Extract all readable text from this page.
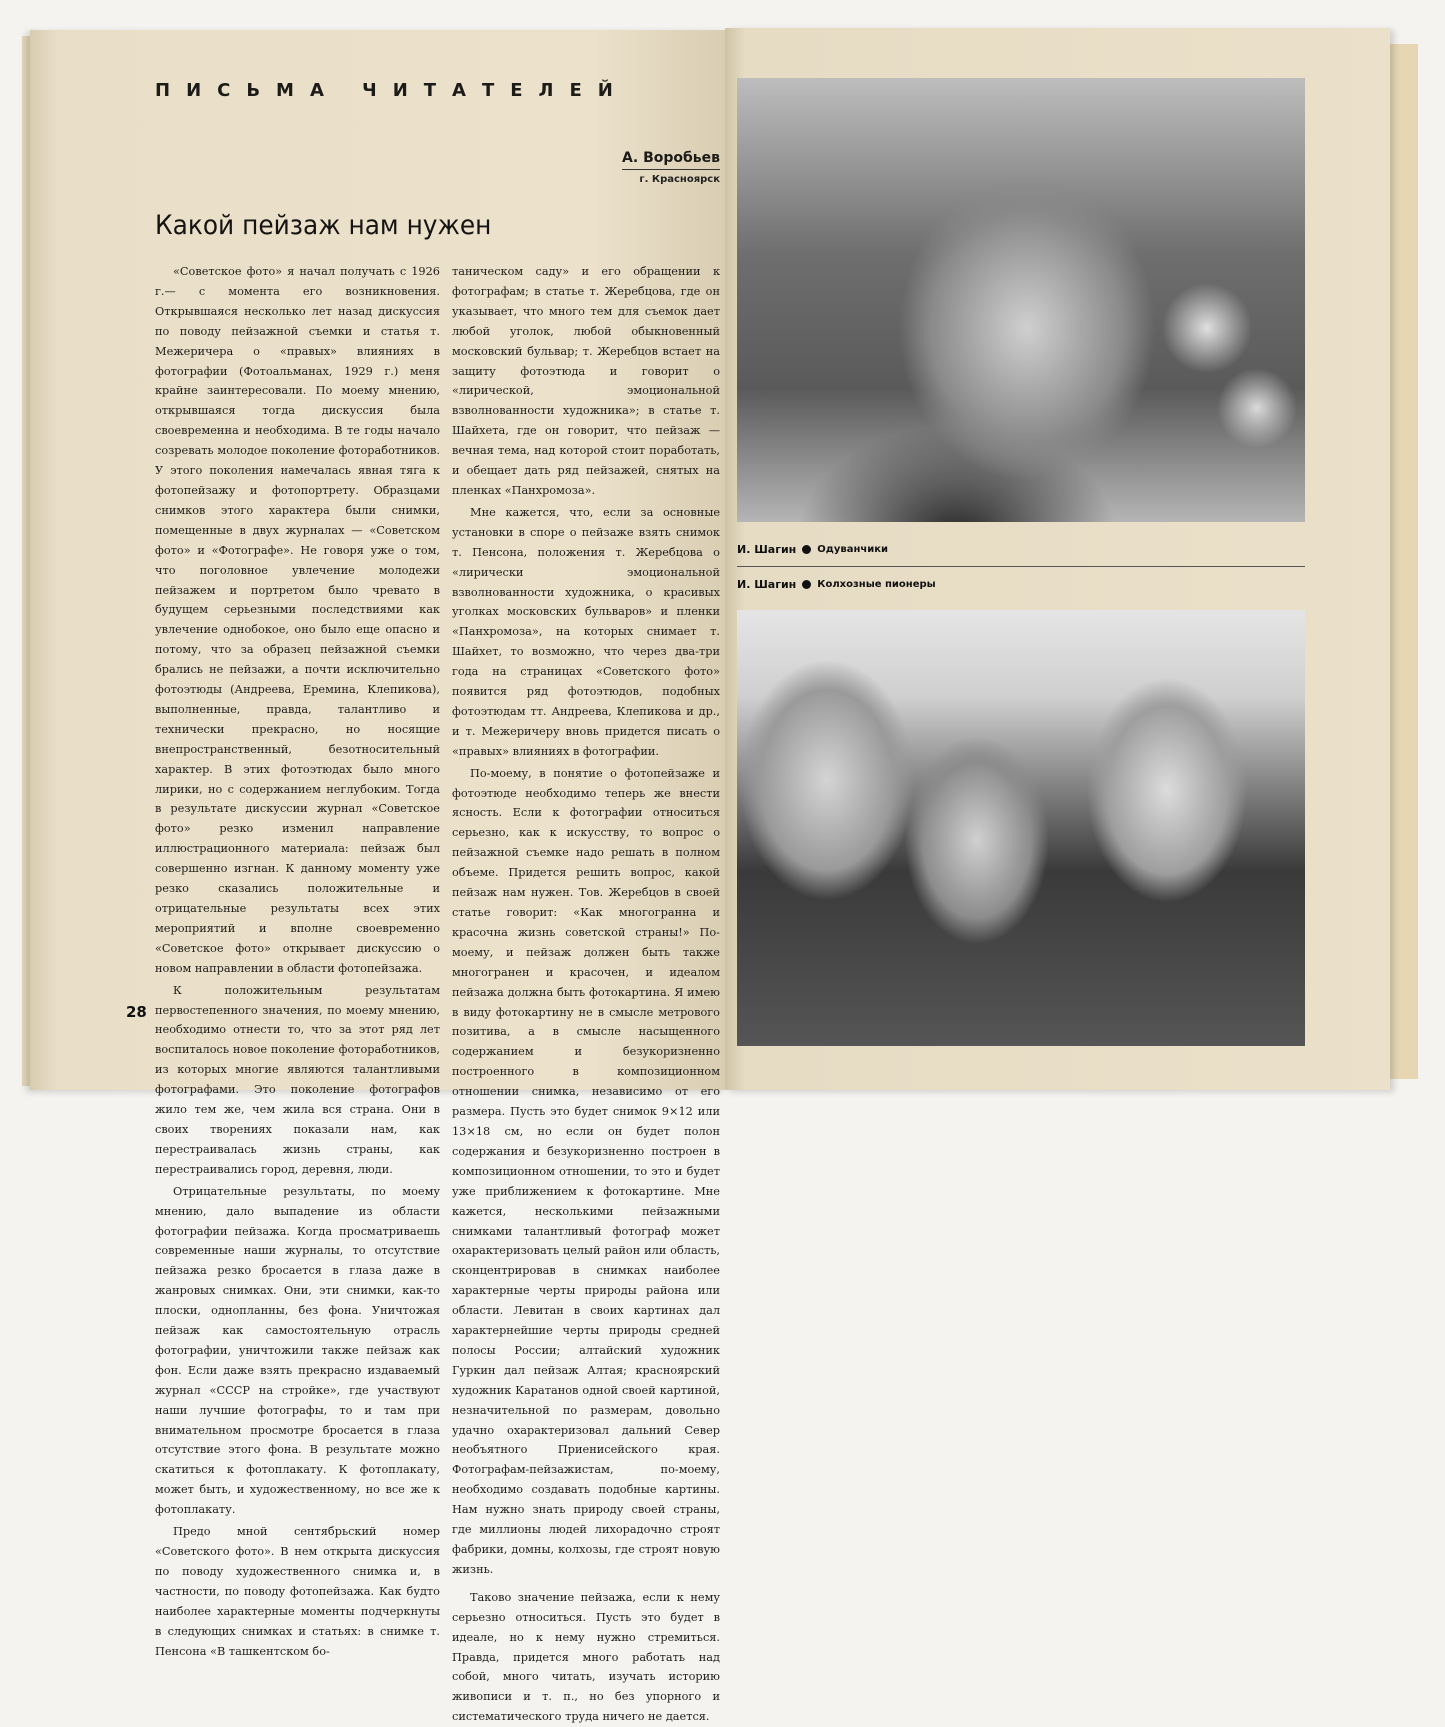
ПИСЬМА ЧИТАТЕЛЕЙ
А. Воробьев
г. Красноярск
Какой пейзаж нам нужен

«Советское фото» я начал получать с 1926 г.— с момента его возникновения. Открывшаяся несколько лет назад дискуссия по поводу пейзажной съемки и статья т. Межеричера о «правых» влияниях в фотографии (Фотоальманах, 1929 г.) меня крайне заинтересовали. По моему мнению, открывшаяся тогда дискуссия была своевременна и необходима. В те годы начало созревать молодое поколение фотоработников. У этого поколения намечалась явная тяга к фотопейзажу и фотопортрету. Образцами снимков этого характера были снимки, помещенные в двух журналах — «Советском фото» и «Фотографе». Не говоря уже о том, что поголовное увлечение молодежи пейзажем и портретом было чревато в будущем серьезными последствиями как увлечение однобокое, оно было еще опасно и потому, что за образец пейзажной съемки брались не пейзажи, а почти исключительно фотоэтюды (Андреева, Еремина, Клепикова), выполненные, правда, талантливо и технически прекрасно, но носящие внепространственный, безотносительный характер. В этих фотоэтюдах было много лирики, но с содержанием неглубоким. Тогда в результате дискуссии журнал «Советское фото» резко изменил направление иллюстрационного материала: пейзаж был совершенно изгнан. К данному моменту уже резко сказались положительные и отрицательные результаты всех этих мероприятий и вполне своевременно «Советское фото» открывает дискуссию о новом направлении в области фотопейзажа.

К положительным результатам первостепенного значения, по моему мнению, необходимо отнести то, что за этот ряд лет воспиталось новое поколение фотоработников, из которых многие являются талантливыми фотографами. Это поколение фотографов жило тем же, чем жила вся страна. Они в своих творениях показали нам, как перестраивалась жизнь страны, как перестраивались город, деревня, люди.

Отрицательные результаты, по моему мнению, дало выпадение из области фотографии пейзажа. Когда просматриваешь современные наши журналы, то отсутствие пейзажа резко бросается в глаза даже в жанровых снимках. Они, эти снимки, как-то плоски, однопланны, без фона. Уничтожая пейзаж как самостоятельную отрасль фотографии, уничтожили также пейзаж как фон. Если даже взять прекрасно издаваемый журнал «СССР на стройке», где участвуют наши лучшие фотографы, то и там при внимательном просмотре бросается в глаза отсутствие этого фона. В результате можно скатиться к фотоплакату. К фотоплакату, может быть, и художественному, но все же к фотоплакату.

Предо мной сентябрьский номер «Советского фото». В нем открыта дискуссия по поводу художественного снимка и, в частности, по поводу фотопейзажа. Как будто наиболее характерные моменты подчеркнуты в следующих снимках и статьях: в снимке т. Пенсона «В ташкентском бо-

таническом саду» и его обращении к фотографам; в статье т. Жеребцова, где он указывает, что много тем для съемок дает любой уголок, любой обыкновенный московский бульвар; т. Жеребцов встает на защиту фотоэтюда и говорит о «лирической, эмоциональной взволнованности художника»; в статье т. Шайхета, где он говорит, что пейзаж — вечная тема, над которой стоит поработать, и обещает дать ряд пейзажей, снятых на пленках «Панхромоза».

Мне кажется, что, если за основные установки в споре о пейзаже взять снимок т. Пенсона, положения т. Жеребцова о «лирически эмоциональной взволнованности художника, о красивых уголках московских бульваров» и пленки «Панхромоза», на которых снимает т. Шайхет, то возможно, что через два-три года на страницах «Советского фото» появится ряд фотоэтюдов, подобных фотоэтюдам тт. Андреева, Клепикова и др., и т. Межеричеру вновь придется писать о «правых» влияниях в фотографии.

По-моему, в понятие о фотопейзаже и фотоэтюде необходимо теперь же внести ясность. Если к фотографии относиться серьезно, как к искусству, то вопрос о пейзажной съемке надо решать в полном объеме. Придется решить вопрос, какой пейзаж нам нужен. Тов. Жеребцов в своей статье говорит: «Как многогранна и красочна жизнь советской страны!» По-моему, и пейзаж должен быть также многогранен и красочен, и идеалом пейзажа должна быть фотокартина. Я имею в виду фотокартину не в смысле метрового позитива, а в смысле насыщенного содержанием и безукоризненно построенного в композиционном отношении снимка, независимо от его размера. Пусть это будет снимок 9×12 или 13×18 см, но если он будет полон содержания и безукоризненно построен в композиционном отношении, то это и будет уже приближением к фотокартине. Мне кажется, несколькими пейзажными снимками талантливый фотограф может охарактеризовать целый район или область, сконцентрировав в снимках наиболее характерные черты природы района или области. Левитан в своих картинах дал характернейшие черты природы средней полосы России; алтайский художник Гуркин дал пейзаж Алтая; красноярский художник Каратанов одной своей картиной, незначительной по размерам, довольно удачно охарактеризовал дальний Север необъятного Приенисейского края. Фотографам-пейзажистам, по-моему, необходимо создавать подобные картины. Нам нужно знать природу своей страны, где миллионы людей лихорадочно строят фабрики, домны, колхозы, где строят новую жизнь.

Таково значение пейзажа, если к нему серьезно относиться. Пусть это будет в идеале, но к нему нужно стремиться. Правда, придется много работать над собой, много читать, изучать историю живописи и т. п., но без упорного и систематического труда ничего не дается.

28
И. Шагин Одуванчики
И. Шагин Колхозные пионеры
